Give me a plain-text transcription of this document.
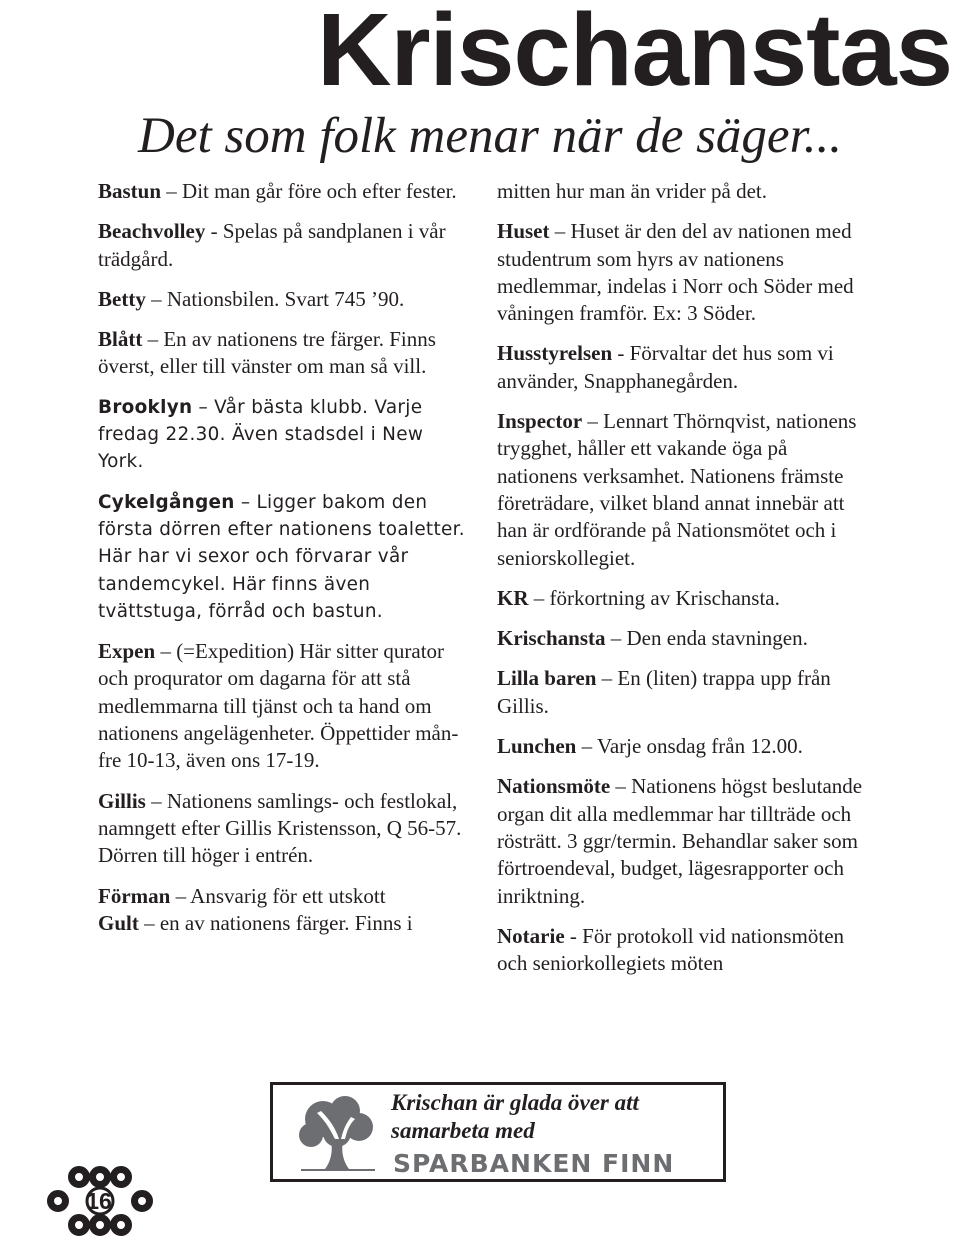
Krischanstas
Det som folk menar när de säger...

Bastun – Dit man går före och efter fester.

Beachvolley - Spelas på sandplanen i vår trädgård.

Betty – Nationsbilen. Svart 745 ’90.

Blått – En av nationens tre färger. Finns överst, eller till vänster om man så vill.

Brooklyn – Vår bästa klubb. Varje fredag 22.30. Även stadsdel i New York.

Cykelgången – Ligger bakom den första dörren efter nationens toaletter. Här har vi sexor och förvarar vår tandemcykel. Här finns även tvättstuga, förråd och bastun.

Expen – (=Expedition) Här sitter qurator och proqurator om dagarna för att stå medlemmarna till tjänst och ta hand om nationens angelägenheter. Öppettider mån-fre 10-13, även ons 17-19.

Gillis – Nationens samlings- och festlokal, namngett efter Gillis Kristensson, Q 56-57. Dörren till höger i entrén.

Förman – Ansvarig för ett utskott

Gult – en av nationens färger. Finns i

mitten hur man än vrider på det.

Huset – Huset är den del av nationen med studentrum som hyrs av nationens medlemmar, indelas i Norr och Söder med våningen framför. Ex: 3 Söder.

Husstyrelsen - Förvaltar det hus som vi använder, Snapphanegården.

Inspector – Lennart Thörnqvist, nationens trygghet, håller ett vakande öga på nationens verksamhet. Nationens främste företrädare, vilket bland annat innebär att han är ordförande på Nationsmötet och i seniorskollegiet.

KR – förkortning av Krischansta.

Krischansta – Den enda stavningen.

Lilla baren – En (liten) trappa upp från Gillis.

Lunchen – Varje onsdag från 12.00.

Nationsmöte – Nationens högst beslutande organ dit alla medlemmar har tillträde och rösträtt. 3 ggr/termin. Behandlar saker som förtroendeval, budget, lägesrapporter och inriktning.

Notarie - För protokoll vid nationsmöten och seniorkollegiets möten

Krischan är glada över att
samarbeta med
SPARBANKEN FINN
16
